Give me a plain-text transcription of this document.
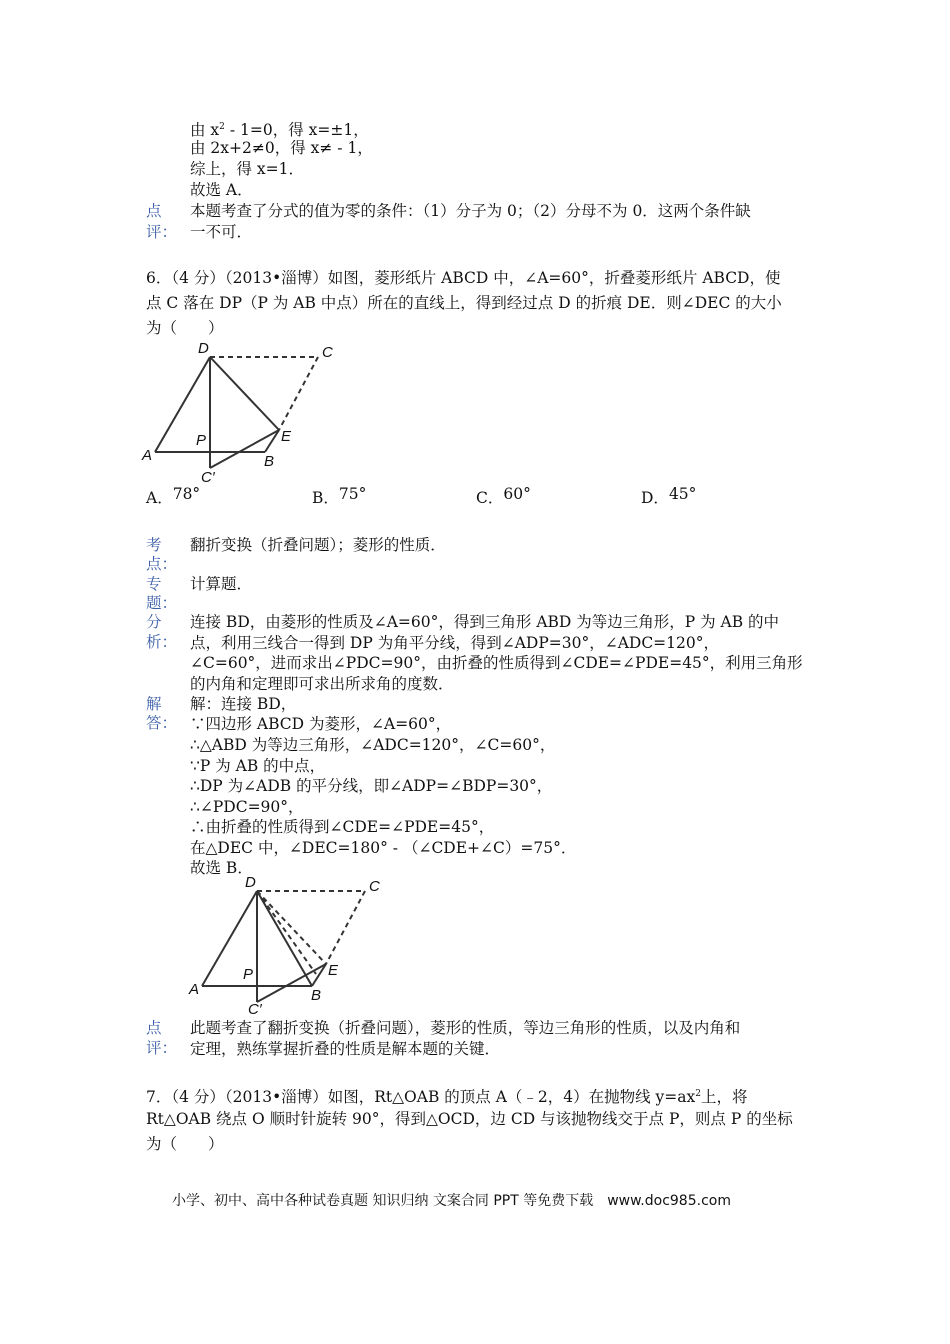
由 $x^2 - 1=0$，得 x=±1，
由 2x+2≠0，得 x≠ - 1，
综上，得 x=1．
故选 A．
点
评：
本题考查了分式的值为零的条件：（1）分子为 0；（2）分母不为 0．这两个条件缺
一不可．
6．（4 分）（2013•淄博）如图，菱形纸片 ABCD 中，∠A=60°，折叠菱形纸片 ABCD，使
点 C 落在 DP（P 为 AB 中点）所在的直线上，得到经过点 D 的折痕 DE．则∠DEC 的大小
为（　　）
D	C
A
P	E
B
C′
A．78°	B．75°	C．60°	D．45°
考
点：
翻折变换（折叠问题）；菱形的性质．
专
题：
计算题．
分
析：
连接 BD，由菱形的性质及∠A=60°，得到三角形 ABD 为等边三角形，P 为 AB 的中
点，利用三线合一得到 DP 为角平分线，得到∠ADP=30°，∠ADC=120°，
∠C=60°，进而求出∠PDC=90°，由折叠的性质得到∠CDE=∠PDE=45°，利用三角形
的内角和定理即可求出所求角的度数．
解
答：
解：连接 BD，
∵四边形 ABCD 为菱形，∠A=60°，
∴△ABD 为等边三角形，∠ADC=120°，∠C=60°，
∵P 为 AB 的中点，
∴DP 为∠ADB 的平分线，即∠ADP=∠BDP=30°，
∴∠PDC=90°，
∴由折叠的性质得到∠CDE=∠PDE=45°，
在△DEC 中，∠DEC=180° - （∠CDE+∠C）=75°．
故选 B．
D	C
A
P	E
B
C′
点
评：
此题考查了翻折变换（折叠问题），菱形的性质，等边三角形的性质，以及内角和
定理，熟练掌握折叠的性质是解本题的关键．
7．（4 分）（2013•淄博）如图，Rt△OAB 的顶点 A（﹣2，4）在抛物线 $y=ax^2$上，将
Rt△OAB 绕点 O 顺时针旋转 90°，得到△OCD，边 CD 与该抛物线交于点 P，则点 P 的坐标
为（　　）
小学、初中、高中各种试卷真题 知识归纳 文案合同 PPT 等免费下载　www.doc985.com
